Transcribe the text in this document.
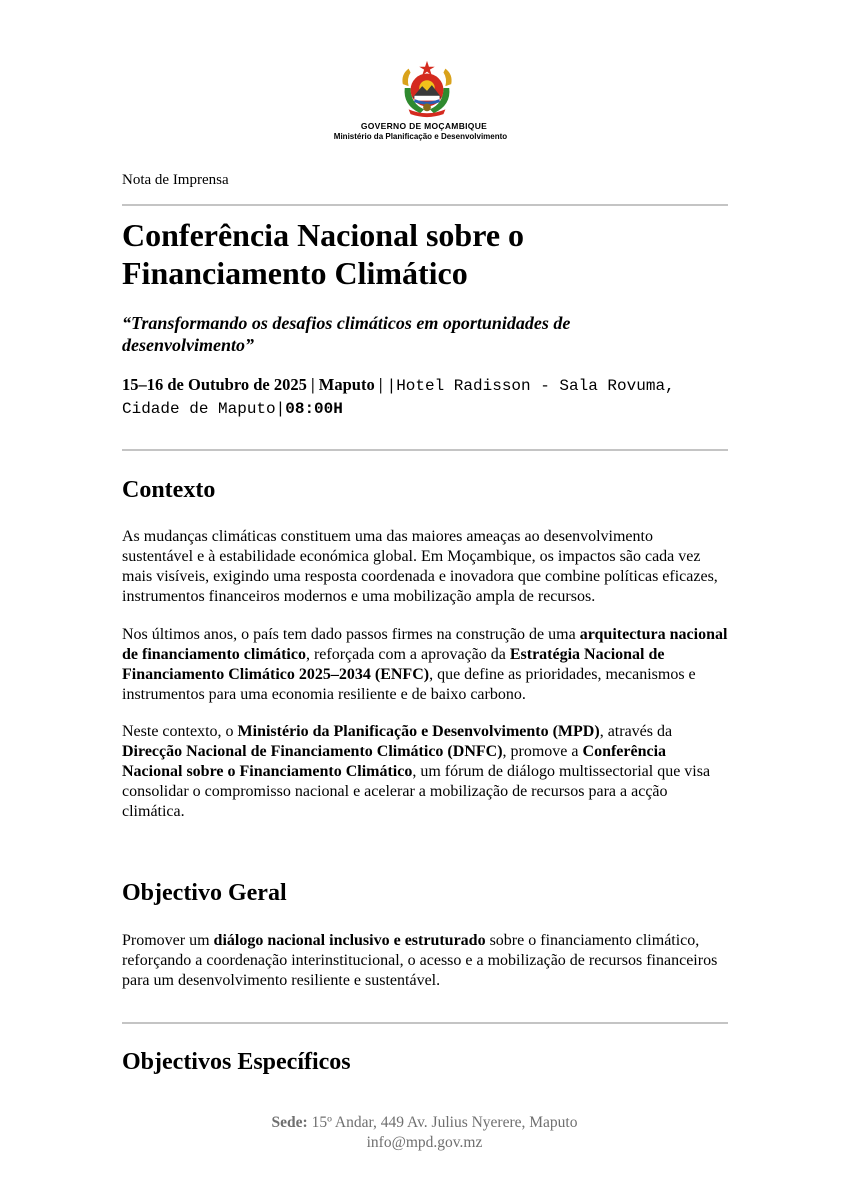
GOVERNO DE MOÇAMBIQUE
Ministério da Planificação e Desenvolvimento
Nota de Imprensa
Conferência Nacional sobre o
Financiamento Climático

“Transformando os desafios climáticos em oportunidades de
desenvolvimento”

15–16 de Outubro de 2025 | Maputo | |Hotel Radisson - Sala Rovuma,
Cidade de Maputo|08:00H

Contexto

As mudanças climáticas constituem uma das maiores ameaças ao desenvolvimento sustentável e à estabilidade económica global. Em Moçambique, os impactos são cada vez mais visíveis, exigindo uma resposta coordenada e inovadora que combine políticas eficazes, instrumentos financeiros modernos e uma mobilização ampla de recursos.

Nos últimos anos, o país tem dado passos firmes na construção de uma arquitectura nacional de financiamento climático, reforçada com a aprovação da Estratégia Nacional de Financiamento Climático 2025–2034 (ENFC), que define as prioridades, mecanismos e instrumentos para uma economia resiliente e de baixo carbono.

Neste contexto, o Ministério da Planificação e Desenvolvimento (MPD), através da Direcção Nacional de Financiamento Climático (DNFC), promove a Conferência Nacional sobre o Financiamento Climático, um fórum de diálogo multissectorial que visa consolidar o compromisso nacional e acelerar a mobilização de recursos para a acção climática.

Objectivo Geral

Promover um diálogo nacional inclusivo e estruturado sobre o financiamento climático, reforçando a coordenação interinstitucional, o acesso e a mobilização de recursos financeiros para um desenvolvimento resiliente e sustentável.

Objectivos Específicos
Sede: 15º Andar, 449 Av. Julius Nyerere, Maputo
info@mpd.gov.mz
